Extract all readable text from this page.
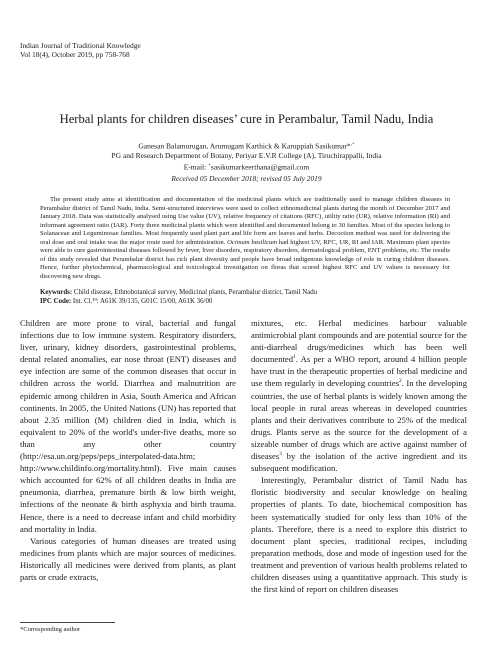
Indian Journal of Traditional Knowledge
Vol 18(4), October 2019, pp 758-768
Herbal plants for children diseases’ cure in Perambalur, Tamil Nadu, India
Ganesan Balamurugan, Arumugam Karthick & Karuppiah Sasikumar*,+
PG and Research Department of Botany, Periyar E.V.R College (A), Tiruchirappalli, India
E-mail: +sasikumarkeerthana@gmail.com
Received 05 December 2018; revised 05 July 2019

The present study aims at identification and documentation of the medicinal plants which are traditionally used to manage children diseases in Perambalur district of Tamil Nadu, India. Semi-structured interviews were used to collect ethnomedicinal plants during the month of December 2017 and January 2018. Data was statistically analysed using Use value (UV), relative frequency of citations (RFC), utility ratio (UR), relative information (RI) and informant agreement ratio (IAR). Forty three medicinal plants which were identified and documented belong to 30 families. Most of the species belong to Solanaceae and Leguminosae families. Most frequently used plant part and life form are leaves and herbs. Decoction method was used for delivering the oral dose and oral intake was the major route used for administration. Ocimum basilicum had highest UV, RFC, UR, RI and IAR. Maximum plant species were able to cure gastrointestinal diseases followed by fever, liver disorders, respiratory disorders, dermatological problem, ENT problems, etc. The results of this study revealed that Perambalur district has rich plant diversity and people have broad indigenous knowledge of role in curing children diseases. Hence, further phytochemical, pharmacological and toxicological investigation on floras that scored highest RFC and UV values is necessary for discovering new drugs.

Keywords: Child disease, Ethnobotanical survey, Medicinal plants, Perambalur district, Tamil Nadu
IPC Code: Int. Cl.¹⁹: A61K 39/135, G01C 15/00, A61K 36/00

Children are more prone to viral, bacterial and fungal infections due to low immune system. Respiratory disorders, liver, urinary, kidney disorders, gastrointestinal problems, dental related anomalies, ear nose throat (ENT) diseases and eye infection are some of the common diseases that occur in children across the world. Diarrhea and malnutrition are epidemic among children in Asia, South America and African continents. In 2005, the United Nations (UN) has reported that about 2.35 million (M) children died in India, which is equivalent to 20% of the world's under-five deaths, more so than any other country (http://esa.un.org/peps/peps_interpolated-data.htm; http://www.childinfo.org/mortality.html). Five main causes which accounted for 62% of all children deaths in India are pneumonia, diarrhea, premature birth & low birth weight, infections of the neonate & birth asphyxia and birth trauma. Hence, there is a need to decrease infant and child morbidity and mortality in India.

Various categories of human diseases are treated using medicines from plants which are major sources of medicines. Historically all medicines were derived from plants, as plant parts or crude extracts,

mixtures, etc. Herbal medicines harbour valuable antimicrobial plant compounds and are potential source for the anti-diarrheal drugs/medicines which has been well documented$^1$. As per a WHO report, around 4 billion people have trust in the therapeutic properties of herbal medicine and use them regularly in developing countries$^2$. In the developing countries, the use of herbal plants is widely known among the local people in rural areas whereas in developed countries plants and their derivatives contribute to 25% of the medical drugs. Plants serve as the source for the development of a sizeable number of drugs which are active against number of diseases$^3$ by the isolation of the active ingredient and its subsequent modification.

Interestingly, Perambalur district of Tamil Nadu has floristic biodiversity and secular knowledge on healing properties of plants. To date, biochemical composition has been systematically studied for only less than 10% of the plants. Therefore, there is a need to explore this district to document plant species, traditional recipes, including preparation methods, dose and mode of ingestion used for the treatment and prevention of various health problems related to children diseases using a quantitative approach. This study is the first kind of report on children diseases

*Corresponding author
